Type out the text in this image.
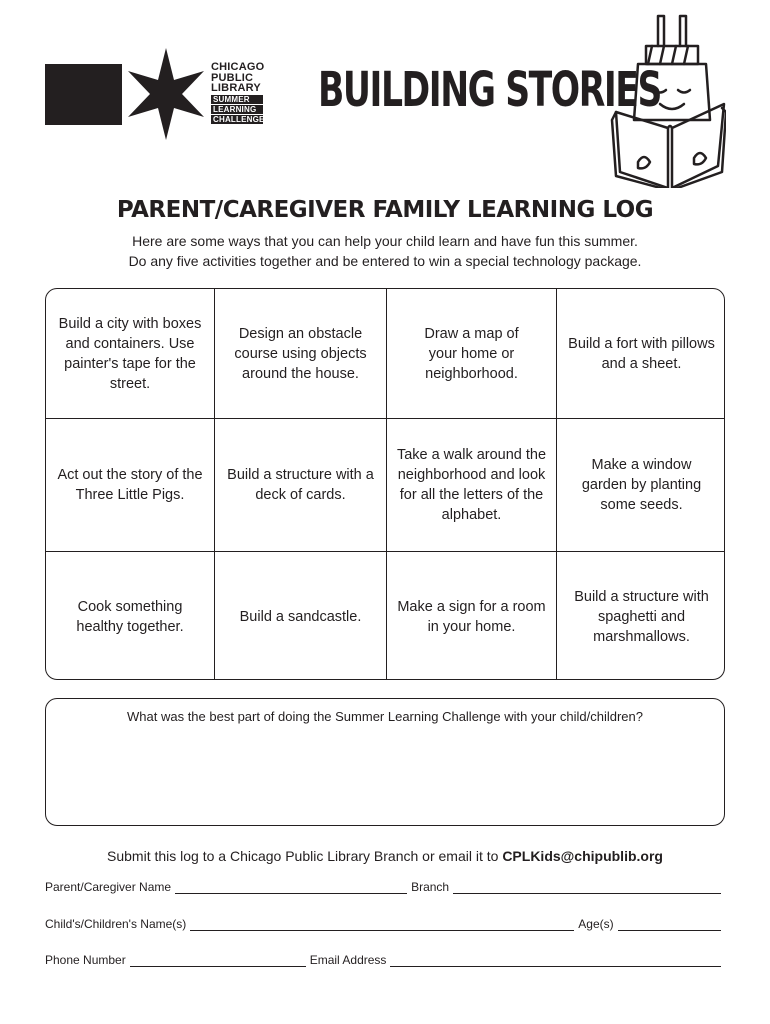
CHICAGO
PUBLIC
LIBRARY
SUMMER
LEARNING
CHALLENGE
BUILDING STORIES
PARENT/CAREGIVER FAMILY LEARNING LOG
Here are some ways that you can help your child learn and have fun this summer.
Do any five activities together and be entered to win a special technology package.
Build a city with boxes and containers. Use painter's tape for the street.
Design an obstacle course using objects around the house.
Draw a map of your home or neighborhood.
Build a fort with pillows and a sheet.
Act out the story of the Three Little Pigs.
Build a structure with a deck of cards.
Take a walk around the neighborhood and look for all the letters of the alphabet.
Make a window garden by planting some seeds.
Cook something healthy together.
Build a sandcastle.
Make a sign for a room in your home.
Build a structure with spaghetti and marshmallows.
What was the best part of doing the Summer Learning Challenge with your child/children?
Submit this log to a Chicago Public Library Branch or email it to CPLKids@chipublib.org
Parent/Caregiver Name	Branch
Child's/Children's Name(s)	Age(s)
Phone Number	Email Address
